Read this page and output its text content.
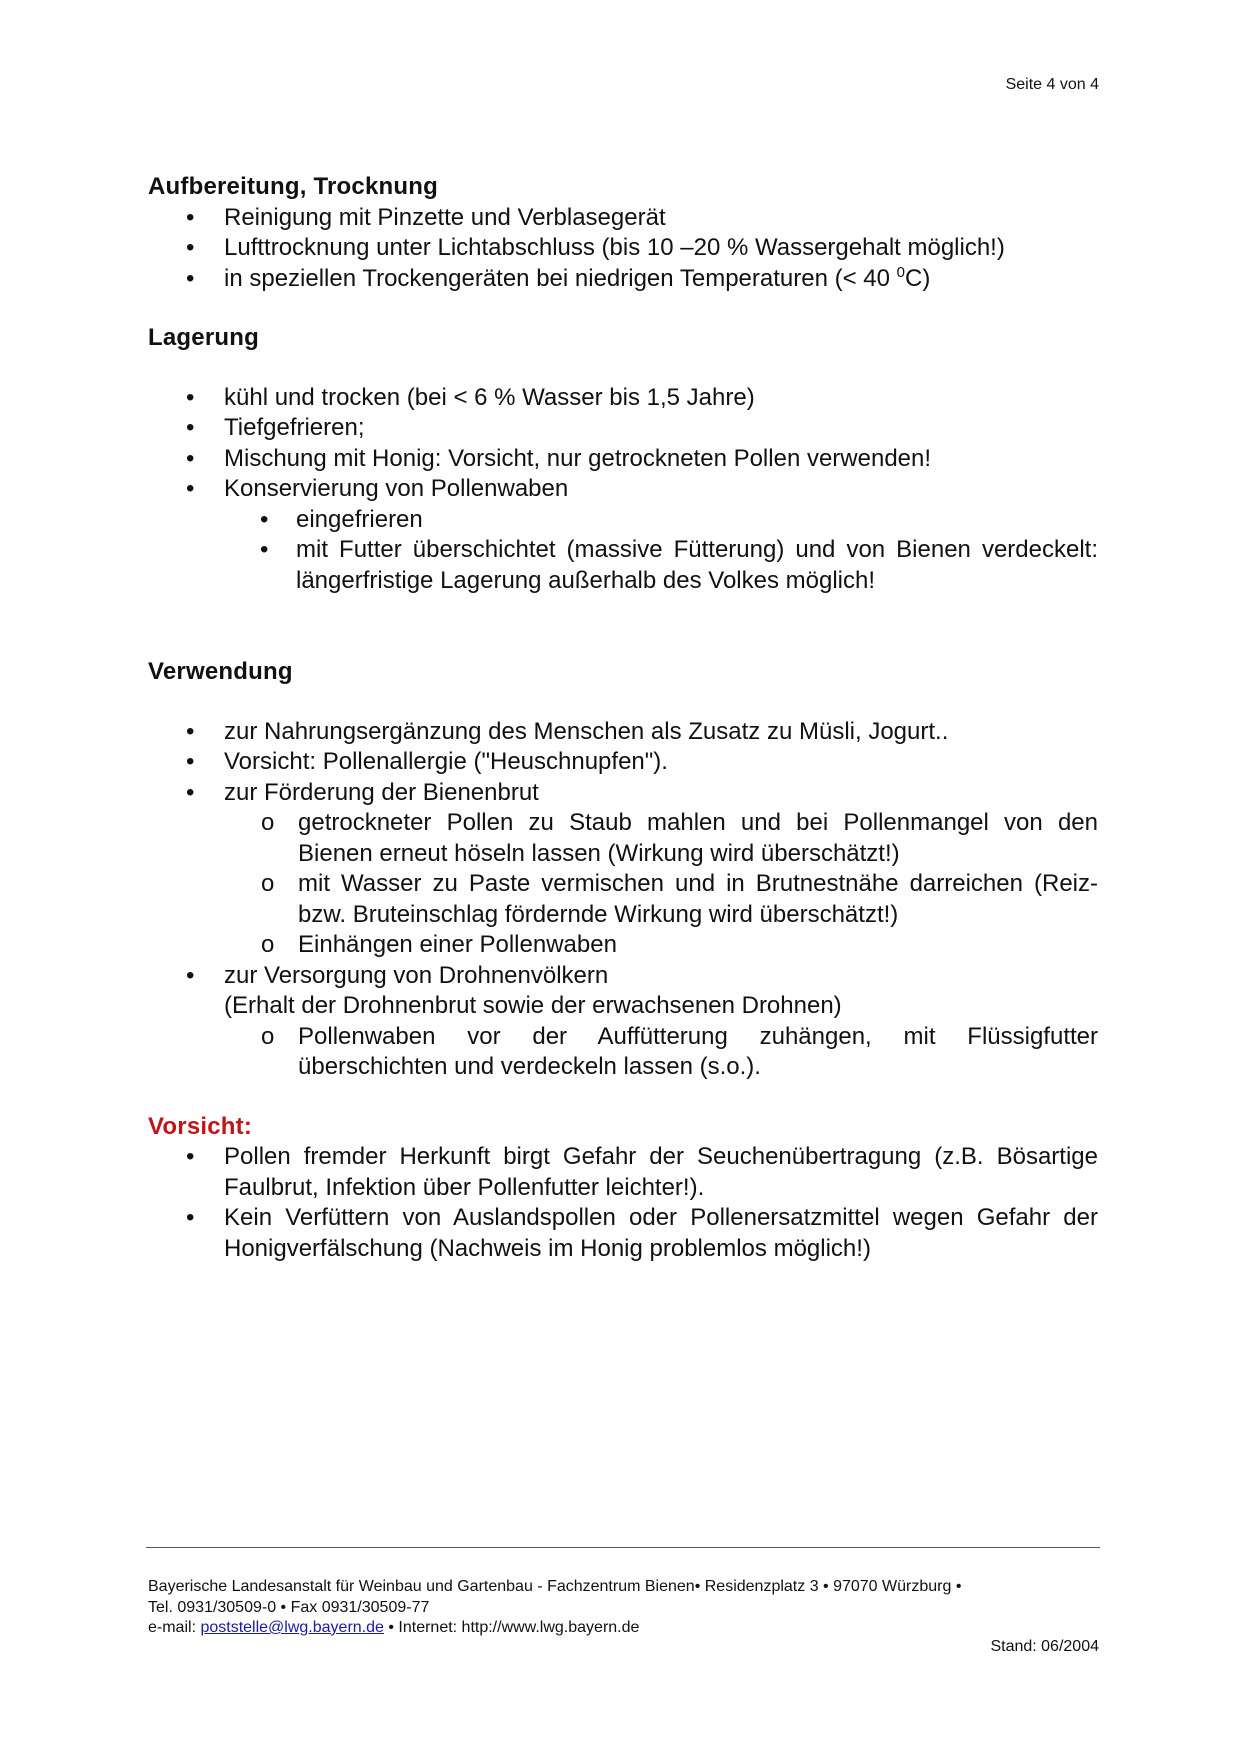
Seite 4 von 4
Aufbereitung, Trocknung
• Reinigung mit Pinzette und Verblasegerät
• Lufttrocknung unter Lichtabschluss (bis 10 –20 % Wassergehalt möglich!)
• in speziellen Trockengeräten bei niedrigen Temperaturen (< 40 $^0$C)
Lagerung
• kühl und trocken (bei < 6 % Wasser bis 1,5 Jahre)
• Tiefgefrieren;
• Mischung mit Honig: Vorsicht, nur getrockneten Pollen verwenden!
• Konservierung von Pollenwaben
• eingefrieren
• mit Futter überschichtet (massive Fütterung) und von Bienen verdeckelt: längerfristige Lagerung außerhalb des Volkes möglich!
Verwendung
• zur Nahrungsergänzung des Menschen als Zusatz zu Müsli, Jogurt..
• Vorsicht: Pollenallergie ("Heuschnupfen").
• zur Förderung der Bienenbrut
o getrockneter Pollen zu Staub mahlen und bei Pollenmangel von den Bienen erneut höseln lassen (Wirkung wird überschätzt!)
o mit Wasser zu Paste vermischen und in Brutnestnähe darreichen (Reiz-bzw. Bruteinschlag fördernde Wirkung wird überschätzt!)
o Einhängen einer Pollenwaben
• zur Versorgung von Drohnenvölkern
(Erhalt der Drohnenbrut sowie der erwachsenen Drohnen)
o Pollenwaben vor der Auffütterung zuhängen, mit Flüssigfutter überschichten und verdeckeln lassen (s.o.).
Vorsicht:
• Pollen fremder Herkunft birgt Gefahr der Seuchenübertragung (z.B. Bösartige Faulbrut, Infektion über Pollenfutter leichter!).
• Kein Verfüttern von Auslandspollen oder Pollenersatzmittel wegen Gefahr der Honigverfälschung (Nachweis im Honig problemlos möglich!)
Bayerische Landesanstalt für Weinbau und Gartenbau - Fachzentrum Bienen• Residenzplatz 3 • 97070 Würzburg •
Tel. 0931/30509-0 • Fax 0931/30509-77
e-mail: poststelle@lwg.bayern.de • Internet: http://www.lwg.bayern.de
Stand: 06/2004
